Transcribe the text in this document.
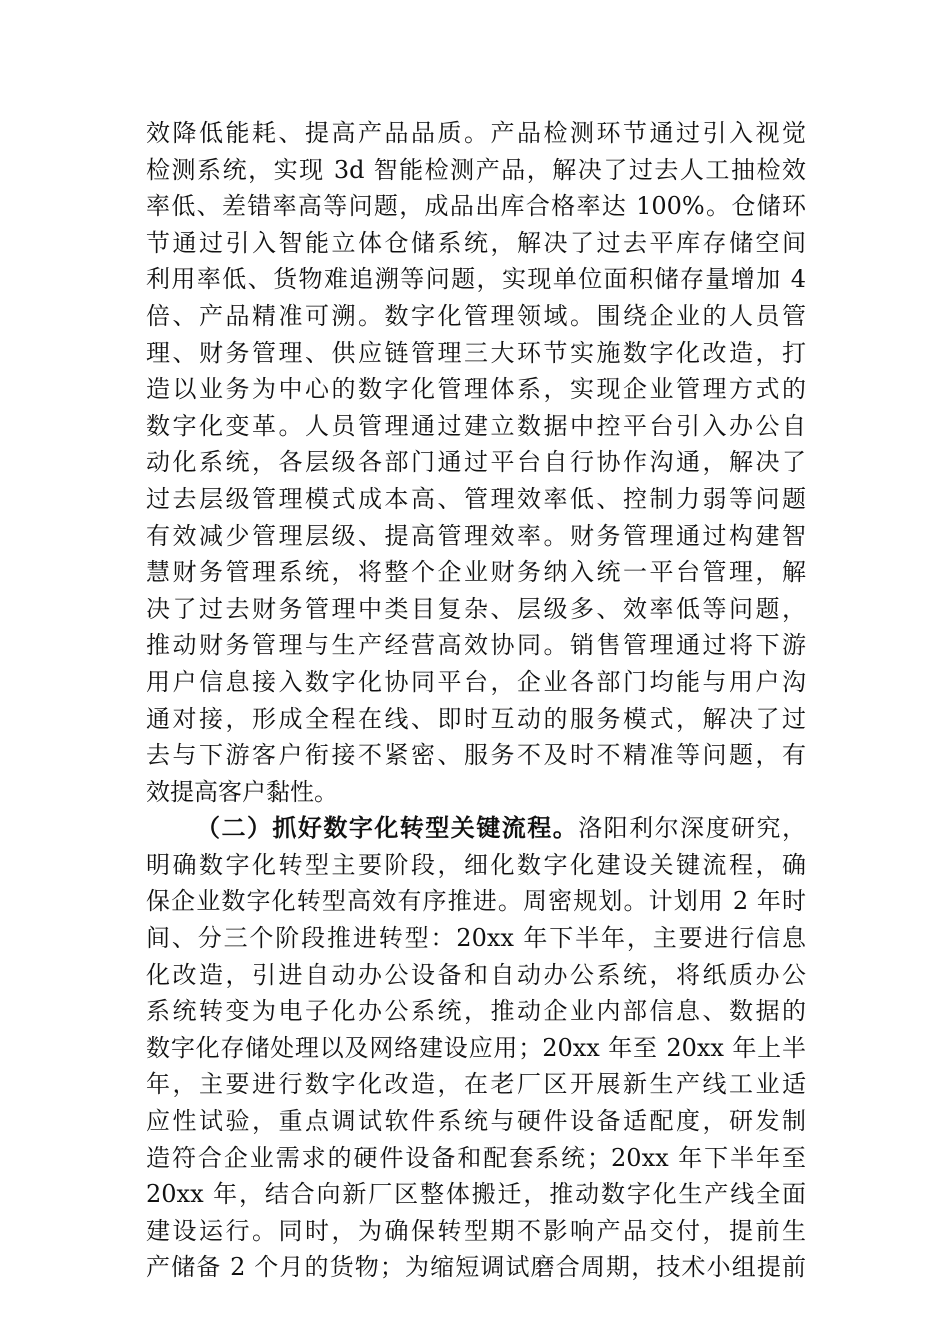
效降低能耗、提高产品品质。产品检测环节通过引入视觉
检测系统，实现 3d 智能检测产品，解决了过去人工抽检效
率低、差错率高等问题，成品出库合格率达 100%。仓储环
节通过引入智能立体仓储系统，解决了过去平库存储空间
利用率低、货物难追溯等问题，实现单位面积储存量增加 4
倍、产品精准可溯。数字化管理领域。围绕企业的人员管
理、财务管理、供应链管理三大环节实施数字化改造，打
造以业务为中心的数字化管理体系，实现企业管理方式的
数字化变革。人员管理通过建立数据中控平台引入办公自
动化系统，各层级各部门通过平台自行协作沟通，解决了
过去层级管理模式成本高、管理效率低、控制力弱等问题
有效减少管理层级、提高管理效率。财务管理通过构建智
慧财务管理系统，将整个企业财务纳入统一平台管理，解
决了过去财务管理中类目复杂、层级多、效率低等问题，
推动财务管理与生产经营高效协同。销售管理通过将下游
用户信息接入数字化协同平台，企业各部门均能与用户沟
通对接，形成全程在线、即时互动的服务模式，解决了过
去与下游客户衔接不紧密、服务不及时不精准等问题，有
效提高客户黏性。
（二）抓好数字化转型关键流程。洛阳利尔深度研究，
明确数字化转型主要阶段，细化数字化建设关键流程，确
保企业数字化转型高效有序推进。周密规划。计划用 2 年时
间、分三个阶段推进转型：20xx 年下半年，主要进行信息
化改造，引进自动办公设备和自动办公系统，将纸质办公
系统转变为电子化办公系统，推动企业内部信息、数据的
数字化存储处理以及网络建设应用；20xx 年至 20xx 年上半
年，主要进行数字化改造，在老厂区开展新生产线工业适
应性试验，重点调试软件系统与硬件设备适配度，研发制
造符合企业需求的硬件设备和配套系统；20xx 年下半年至
20xx 年，结合向新厂区整体搬迁，推动数字化生产线全面
建设运行。同时，为确保转型期不影响产品交付，提前生
产储备 2 个月的货物；为缩短调试磨合周期，技术小组提前
